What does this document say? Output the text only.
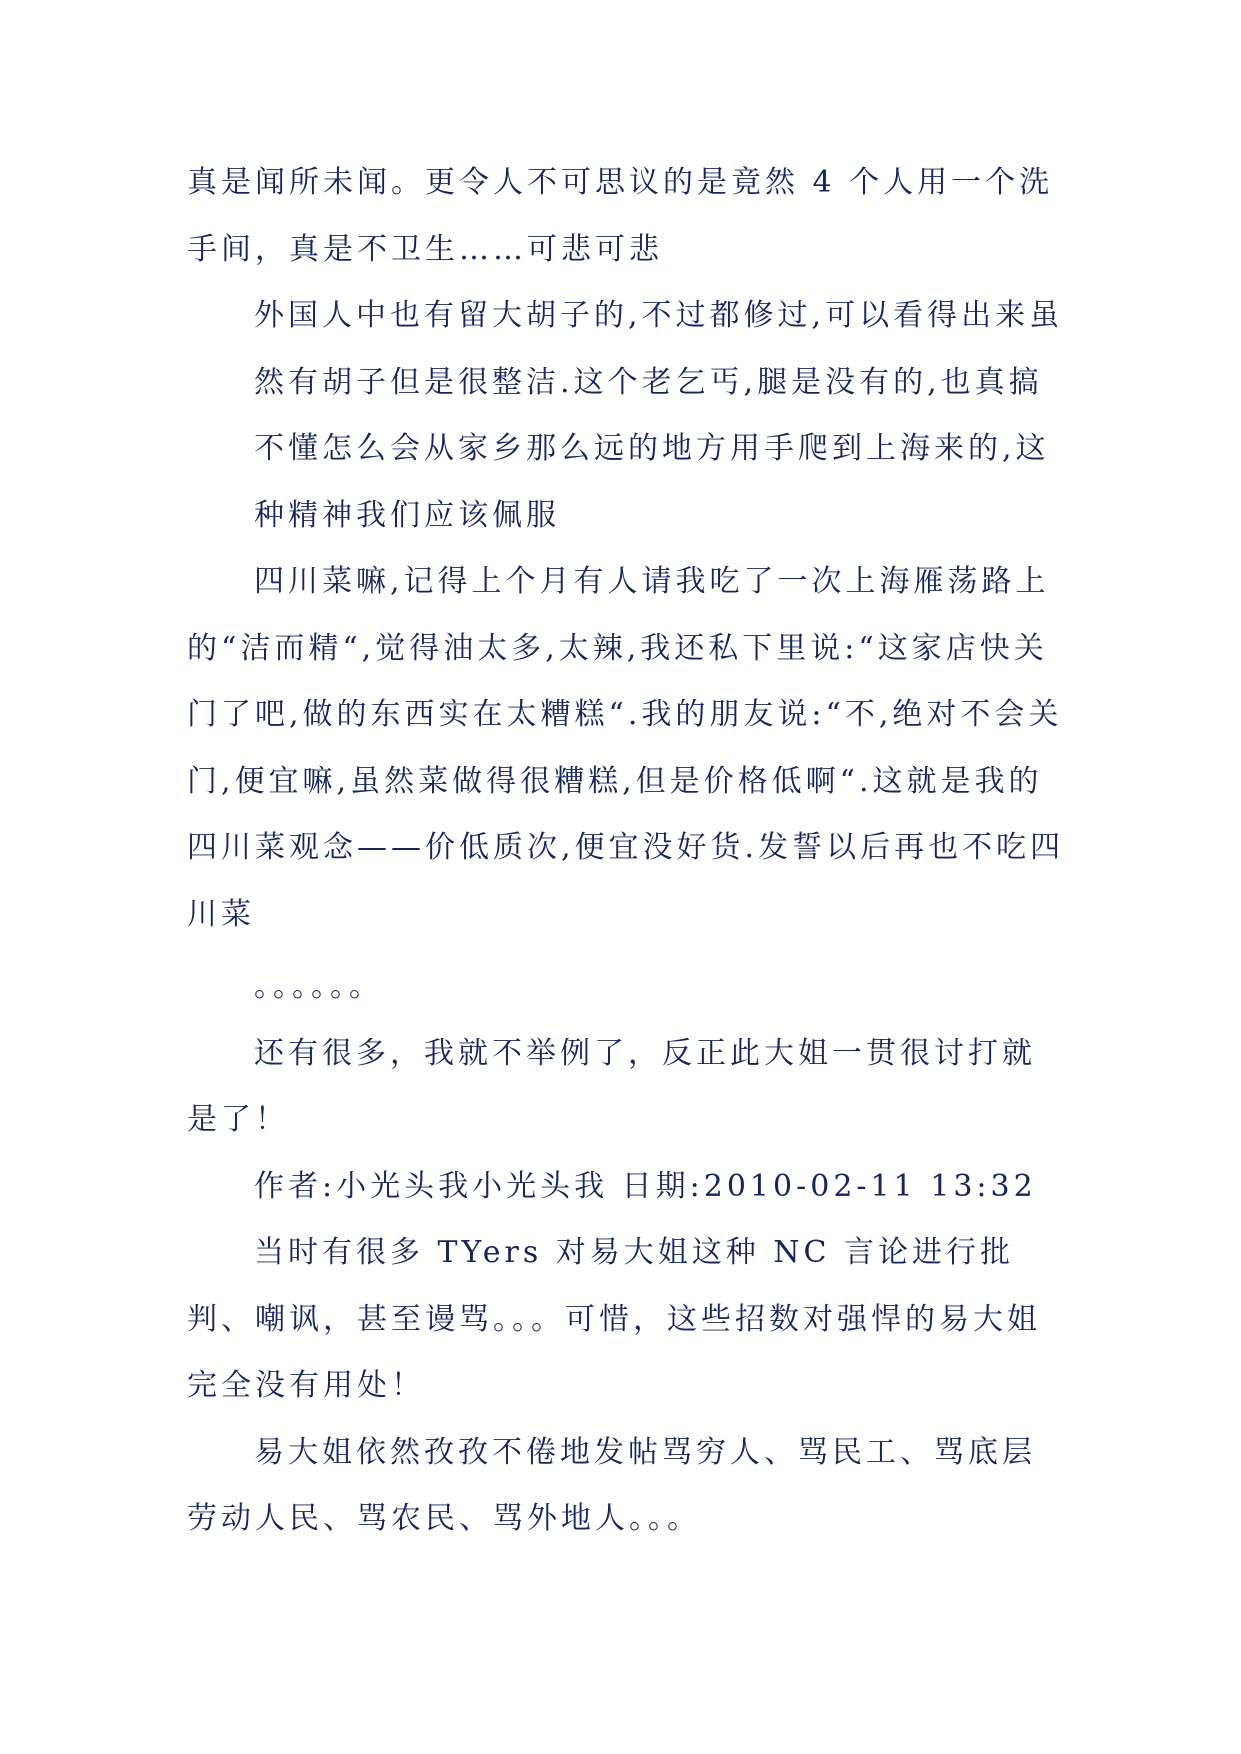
真是闻所未闻。更令人不可思议的是竟然 4 个人用一个洗手间，真是不卫生……可悲可悲

外国人中也有留大胡子的,不过都修过,可以看得出来虽然有胡子但是很整洁.这个老乞丐,腿是没有的,也真搞不懂怎么会从家乡那么远的地方用手爬到上海来的,这种精神我们应该佩服

四川菜嘛,记得上个月有人请我吃了一次上海雁荡路上的“洁而精“,觉得油太多,太辣,我还私下里说:“这家店快关门了吧,做的东西实在太糟糕“.我的朋友说:“不,绝对不会关门,便宜嘛,虽然菜做得很糟糕,但是价格低啊“.这就是我的四川菜观念——价低质次,便宜没好货.发誓以后再也不吃四川菜

。。。。。。

还有很多，我就不举例了，反正此大姐一贯很讨打就是了！

作者:小光头我小光头我 日期:2010-02-11 13:32

当时有很多 TYers 对易大姐这种 NC 言论进行批判、嘲讽，甚至谩骂。。。可惜，这些招数对强悍的易大姐完全没有用处！

易大姐依然孜孜不倦地发帖骂穷人、骂民工、骂底层劳动人民、骂农民、骂外地人。。。
